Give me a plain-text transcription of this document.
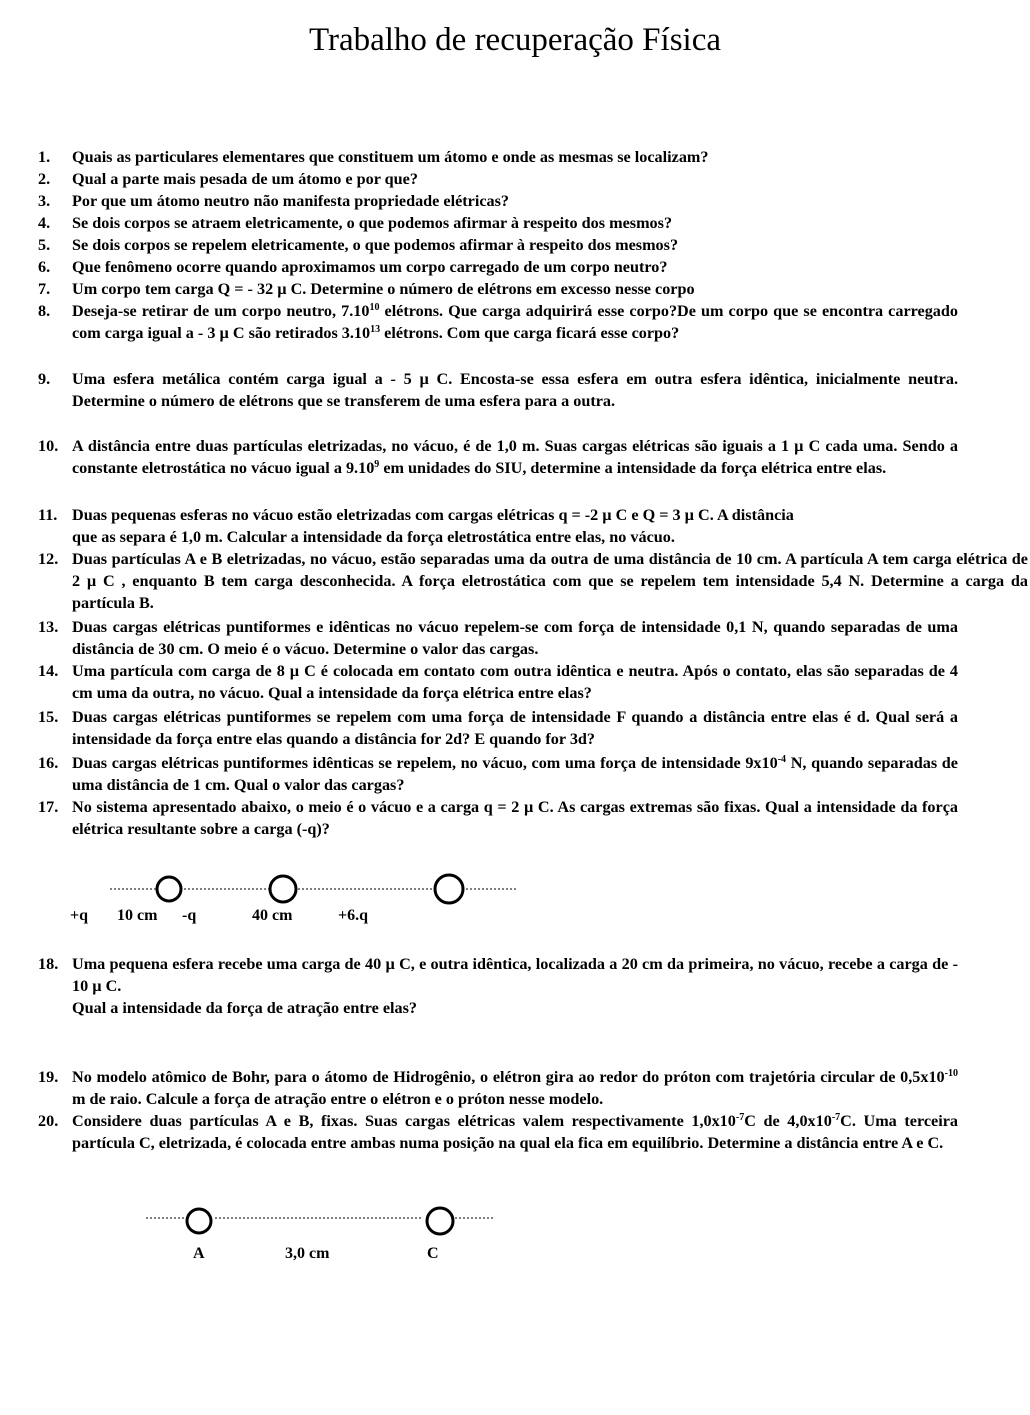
Trabalho de recuperação Física
1.	Quais as particulares elementares que constituem um átomo e onde as mesmas se localizam?
2.	Qual a parte mais pesada de um átomo e por que?
3.	Por que um átomo neutro não manifesta propriedade elétricas?
4.	Se dois corpos se atraem eletricamente, o que podemos afirmar à respeito dos mesmos?
5.	Se dois corpos se repelem eletricamente, o que podemos afirmar à respeito dos mesmos?
6.	Que fenômeno ocorre quando aproximamos um corpo carregado de um corpo neutro?
7.	Um corpo tem carga Q = - 32 µ C. Determine o número de elétrons em excesso nesse corpo
8.	Deseja-se retirar de um corpo neutro, 7.10$^{10}$ elétrons. Que carga adquirirá esse corpo?De um corpo que se encontra carregado com carga igual a - 3 µ C são retirados 3.10$^{13}$ elétrons. Com que carga ficará esse corpo?
9.	Uma esfera metálica contém carga igual a - 5 µ C. Encosta-se essa esfera em outra esfera idêntica, inicialmente neutra. Determine o número de elétrons que se transferem de uma esfera para a outra.
10. A distância entre duas partículas eletrizadas, no vácuo, é de 1,0 m. Suas cargas elétricas são iguais a 1 µ C cada uma. Sendo a constante eletrostática no vácuo igual a 9.10$^9$ em unidades do SIU, determine a intensidade da força elétrica entre elas.
11. Duas pequenas esferas no vácuo estão eletrizadas com cargas elétricas q = -2 µ C e Q = 3 µ C. A distância
que as separa é 1,0 m. Calcular a intensidade da força eletrostática entre elas, no vácuo.
12. Duas partículas A e B eletrizadas, no vácuo, estão separadas uma da outra de uma distância de 10 cm. A partícula A tem carga elétrica de 2 µ C , enquanto B tem carga desconhecida. A força eletrostática com que se repelem tem intensidade 5,4 N. Determine a carga da partícula B.
13. Duas cargas elétricas puntiformes e idênticas no vácuo repelem-se com força de intensidade 0,1 N, quando separadas de uma distância de 30 cm. O meio é o vácuo. Determine o valor das cargas.
14. Uma partícula com carga de 8 µ C é colocada em contato com outra idêntica e neutra. Após o contato, elas são separadas de 4 cm uma da outra, no vácuo. Qual a intensidade da força elétrica entre elas?
15. Duas cargas elétricas puntiformes se repelem com uma força de intensidade F quando a distância entre elas é d. Qual será a intensidade da força entre elas quando a distância for 2d? E quando for 3d?
16. Duas cargas elétricas puntiformes idênticas se repelem, no vácuo, com uma força de intensidade $9x10^{-4}$ N, quando separadas de uma distância de 1 cm. Qual o valor das cargas?
17. No sistema apresentado abaixo, o meio é o vácuo e a carga q = 2 µ C. As cargas extremas são fixas. Qual a intensidade da força elétrica resultante sobre a carga (-q)?
+q 10 cm -q	40 cm	+6.q
18. Uma pequena esfera recebe uma carga de 40 µ C, e outra idêntica, localizada a 20 cm da primeira, no vácuo, recebe a carga de - 10 µ C.
Qual a intensidade da força de atração entre elas?
19. No modelo atômico de Bohr, para o átomo de Hidrogênio, o elétron gira ao redor do próton com trajetória circular de $0,5x10^{-10}$ m de raio. Calcule a força de atração entre o elétron e o próton nesse modelo.
20. Considere duas partículas A e B, fixas. Suas cargas elétricas valem respectivamente $1,0x10^{-7}C$ de $4,0x10^{-7}C$. Uma terceira partícula C, eletrizada, é colocada entre ambas numa posição na qual ela fica em equilíbrio. Determine a distância entre A e C.
A	3,0 cm	C
